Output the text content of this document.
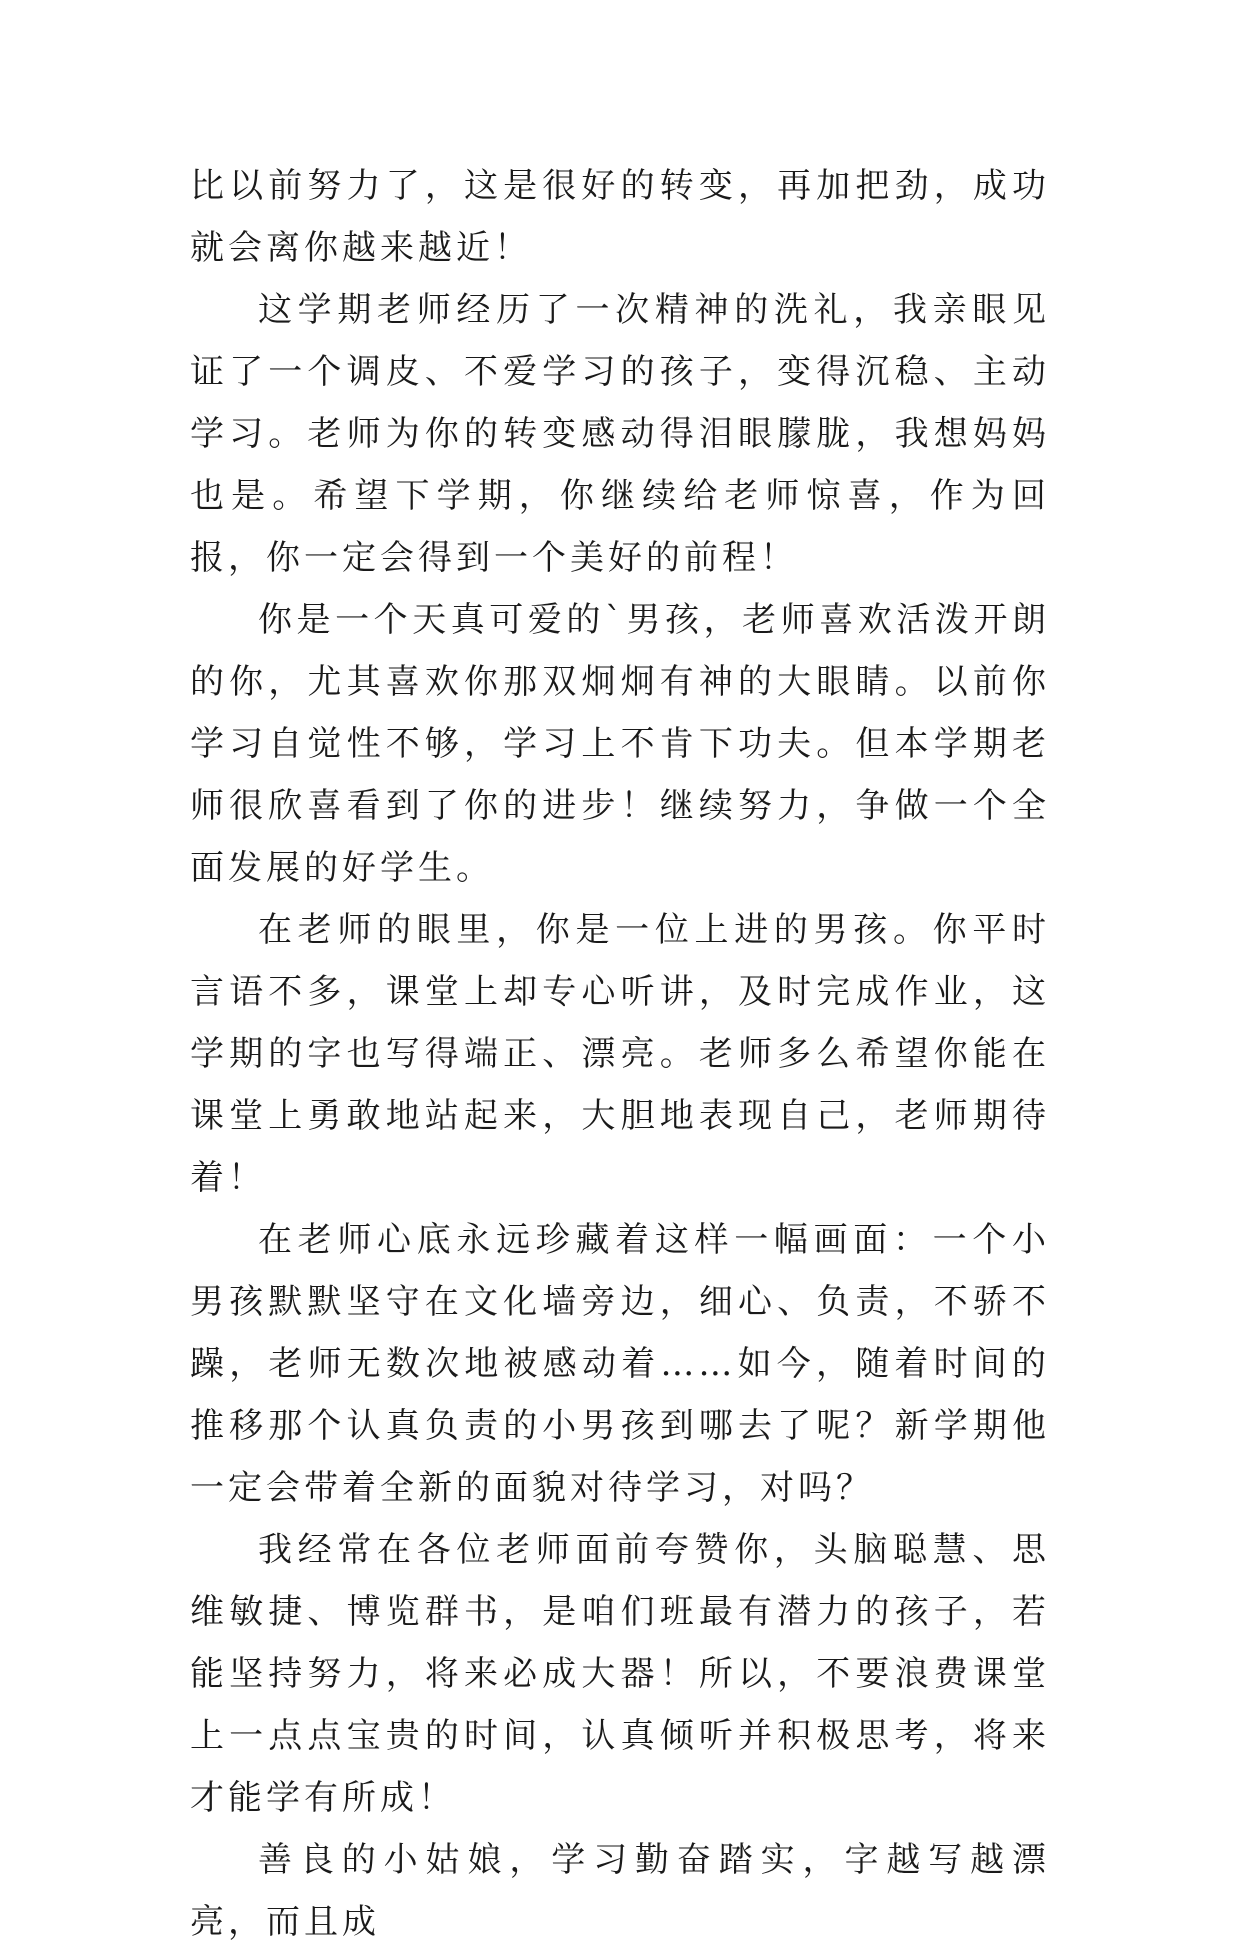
比以前努力了，这是很好的转变，再加把劲，成功就会离你越来越近！

这学期老师经历了一次精神的洗礼，我亲眼见证了一个调皮、不爱学习的孩子，变得沉稳、主动学习。老师为你的转变感动得泪眼朦胧，我想妈妈也是。希望下学期，你继续给老师惊喜，作为回报，你一定会得到一个美好的前程！

你是一个天真可爱的`男孩，老师喜欢活泼开朗的你，尤其喜欢你那双炯炯有神的大眼睛。以前你学习自觉性不够，学习上不肯下功夫。但本学期老师很欣喜看到了你的进步！继续努力，争做一个全面发展的好学生。

在老师的眼里，你是一位上进的男孩。你平时言语不多，课堂上却专心听讲，及时完成作业，这学期的字也写得端正、漂亮。老师多么希望你能在课堂上勇敢地站起来，大胆地表现自己，老师期待着！

在老师心底永远珍藏着这样一幅画面：一个小男孩默默坚守在文化墙旁边，细心、负责，不骄不躁，老师无数次地被感动着……如今，随着时间的推移那个认真负责的小男孩到哪去了呢？新学期他一定会带着全新的面貌对待学习，对吗？

我经常在各位老师面前夸赞你，头脑聪慧、思维敏捷、博览群书，是咱们班最有潜力的孩子，若能坚持努力，将来必成大器！所以，不要浪费课堂上一点点宝贵的时间，认真倾听并积极思考，将来才能学有所成！

善良的小姑娘，学习勤奋踏实，字越写越漂亮，而且成
